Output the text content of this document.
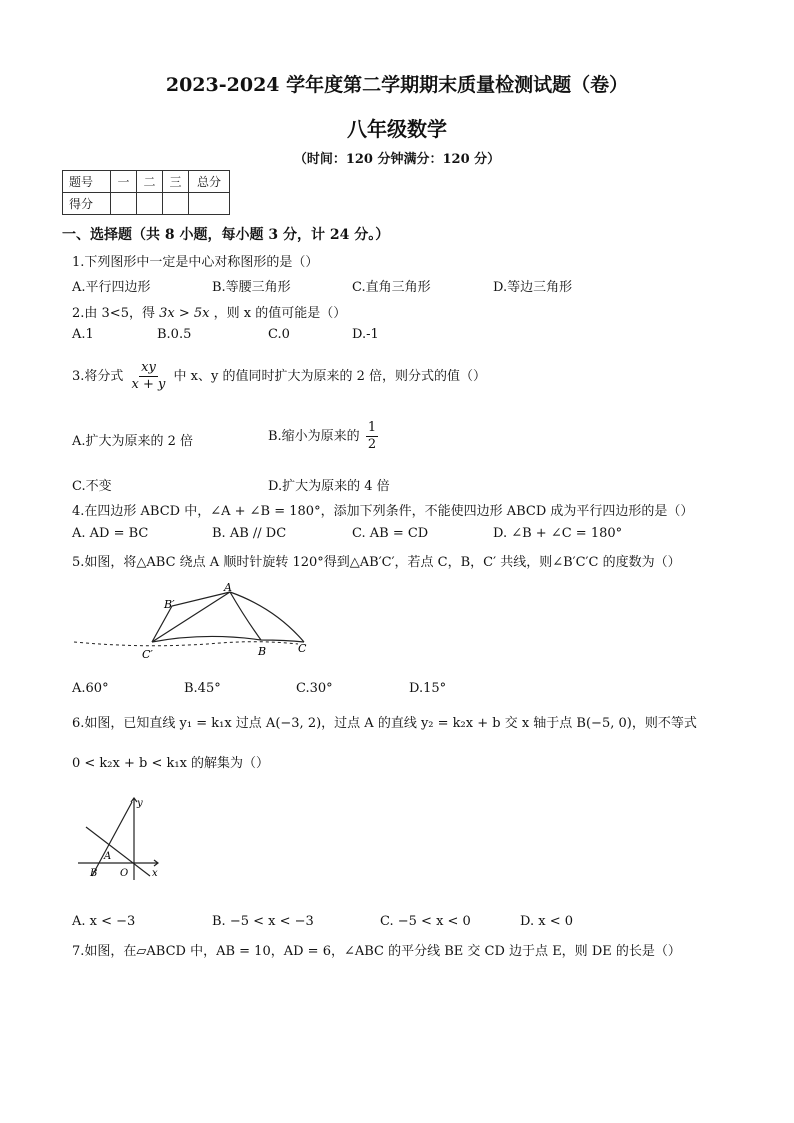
2023-2024 学年度第二学期期末质量检测试题（卷）
八年级数学
（时间：120 分钟满分：120 分）
题号	一	二	三	总分
得分				
一、选择题（共 8 小题，每小题 3 分，计 24 分。）
1.下列图形中一定是中心对称图形的是（）
A.平行四边形	B.等腰三角形	C.直角三角形	D.等边三角形
2.由 3<5，得 3x > 5x ，则 x 的值可能是（）
A.1	B.0.5	C.0	D.-1
3.将分式 $\frac{xy}{x + y}$ 中 x、y 的值同时扩大为原来的 2 倍，则分式的值（）
A.扩大为原来的 2 倍	B.缩小为原来的 $\frac{1}{2}$
C.不变	D.扩大为原来的 4 倍
4.在四边形 ABCD 中，∠A + ∠B = 180°，添加下列条件，不能使四边形 ABCD 成为平行四边形的是（）
A. AD = BC	B. AB // DC	C. AB = CD	D. ∠B + ∠C = 180°
5.如图，将△ABC 绕点 A 顺时针旋转 120°得到△AB′C′，若点 C，B，C′ 共线，则∠B′C′C 的度数为（）
B′
A
C′	B	C
A.60°	B.45°	C.30°	D.15°
6.如图，已知直线 y₁ = k₁x 过点 A(−3, 2)，过点 A 的直线 y₂ = k₂x + b 交 x 轴于点 B(−5, 0)，则不等式
0 < k₂x + b < k₁x 的解集为（）
y
A
B O x
A. x < −3	B. −5 < x < −3	C. −5 < x < 0	D. x < 0
7.如图，在▱ABCD 中，AB = 10，AD = 6，∠ABC 的平分线 BE 交 CD 边于点 E，则 DE 的长是（）
